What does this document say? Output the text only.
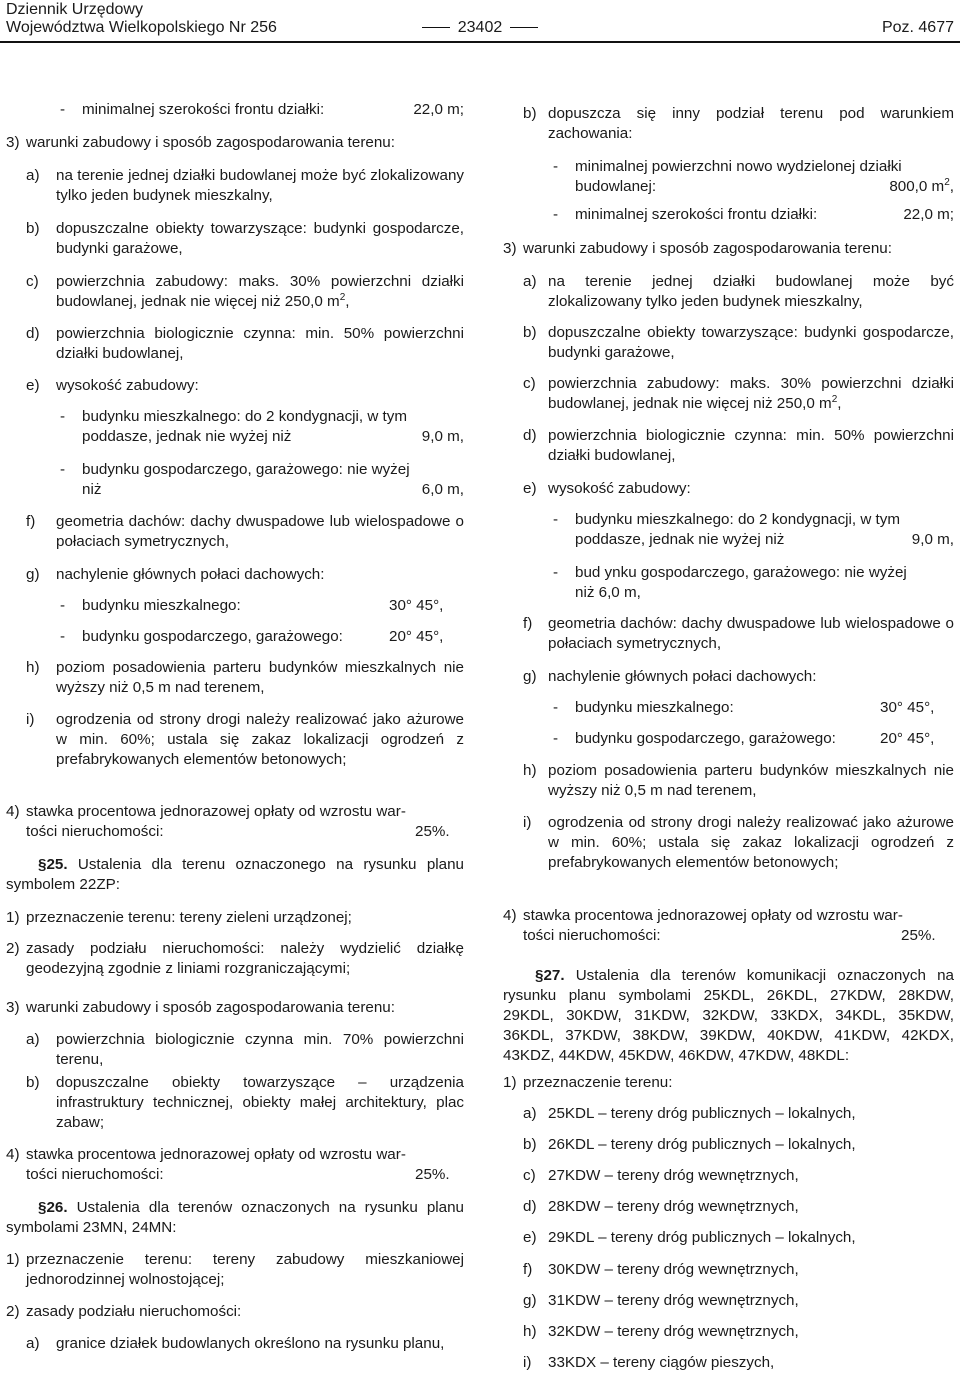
Dziennik Urzędowy
Województwa Wielkopolskiego Nr 256	23402	Poz. 4677
- minimalnej szerokości frontu działki:	22,0 m;
3) warunki zabudowy i sposób zagospodarowania terenu:
a) na terenie jednej działki budowlanej może być zlokalizowany tylko jeden budynek mieszkalny,
b) dopuszczalne obiekty towarzyszące: budynki gospodarcze, budynki garażowe,
c) powierzchnia zabudowy: maks. 30% powierzchni działki budowlanej, jednak nie więcej niż 250,0 $m^2$,
d) powierzchnia biologicznie czynna: min. 50% powierzchni działki budowlanej,
e) wysokość zabudowy:
- budynku mieszkalnego: do 2 kondygnacji, w tym
poddasze, jednak nie wyżej niż	9,0 m,
- budynku gospodarczego, garażowego: nie wyżej
niż	6,0 m,
f) geometria dachów: dachy dwuspadowe lub wielospadowe o połaciach symetrycznych,
g) nachylenie głównych połaci dachowych:
- budynku mieszkalnego:	30° 45°,
- budynku gospodarczego, garażowego:	20° 45°,
h) poziom posadowienia parteru budynków mieszkalnych nie wyższy niż 0,5 m nad terenem,
i) ogrodzenia od strony drogi należy realizować jako ażurowe w min. 60%; ustala się zakaz lokalizacji ogrodzeń z prefabrykowanych elementów betonowych;
4) stawka procentowa jednorazowej opłaty od wzrostu war-
tości nieruchomości:	25%.
§25. Ustalenia dla terenu oznaczonego na rysunku planu symbolem 22ZP:
1) przeznaczenie terenu: tereny zieleni urządzonej;
2) zasady podziału nieruchomości: należy wydzielić działkę geodezyjną zgodnie z liniami rozgraniczającymi;
3) warunki zabudowy i sposób zagospodarowania terenu:
a) powierzchnia biologicznie czynna min. 70% powierzchni terenu,
b) dopuszczalne obiekty towarzyszące – urządzenia infrastruktury technicznej, obiekty małej architektury, plac zabaw;
4) stawka procentowa jednorazowej opłaty od wzrostu war-
tości nieruchomości:	25%.
§26. Ustalenia dla terenów oznaczonych na rysunku planu symbolami 23MN, 24MN:
1) przeznaczenie terenu: tereny zabudowy mieszkaniowej jednorodzinnej wolnostojącej;
2) zasady podziału nieruchomości:
a) granice działek budowlanych określono na rysunku planu,
b) dopuszcza się inny podział terenu pod warunkiem zachowania:
- minimalnej powierzchni nowo wydzielonej działki
budowlanej:	800,0 $m^2$,
- minimalnej szerokości frontu działki:	22,0 m;
3) warunki zabudowy i sposób zagospodarowania terenu:
a) na terenie jednej działki budowlanej może być zlokalizowany tylko jeden budynek mieszkalny,
b) dopuszczalne obiekty towarzyszące: budynki gospodarcze, budynki garażowe,
c) powierzchnia zabudowy: maks. 30% powierzchni działki budowlanej, jednak nie więcej niż 250,0 $m^2$,
d) powierzchnia biologicznie czynna: min. 50% powierzchni działki budowlanej,
e) wysokość zabudowy:
- budynku mieszkalnego: do 2 kondygnacji, w tym
poddasze, jednak nie wyżej niż	9,0 m,
- bud ynku gospodarczego, garażowego: nie wyżej
niż 6,0 m,
f) geometria dachów: dachy dwuspadowe lub wielospadowe o połaciach symetrycznych,
g) nachylenie głównych połaci dachowych:
- budynku mieszkalnego:	30° 45°,
- budynku gospodarczego, garażowego:	20° 45°,
h) poziom posadowienia parteru budynków mieszkalnych nie wyższy niż 0,5 m nad terenem,
i) ogrodzenia od strony drogi należy realizować jako ażurowe w min. 60%; ustala się zakaz lokalizacji ogrodzeń z prefabrykowanych elementów betonowych;
4) stawka procentowa jednorazowej opłaty od wzrostu war-
tości nieruchomości:	25%.
§27. Ustalenia dla terenów komunikacji oznaczonych na rysunku planu symbolami 25KDL, 26KDL, 27KDW, 28KDW, 29KDL, 30KDW, 31KDW, 32KDW, 33KDX, 34KDL, 35KDW, 36KDL, 37KDW, 38KDW, 39KDW, 40KDW, 41KDW, 42KDX, 43KDZ, 44KDW, 45KDW, 46KDW, 47KDW, 48KDL:
1) przeznaczenie terenu:
a) 25KDL – tereny dróg publicznych – lokalnych,
b) 26KDL – tereny dróg publicznych – lokalnych,
c) 27KDW – tereny dróg wewnętrznych,
d) 28KDW – tereny dróg wewnętrznych,
e) 29KDL – tereny dróg publicznych – lokalnych,
f) 30KDW – tereny dróg wewnętrznych,
g) 31KDW – tereny dróg wewnętrznych,
h) 32KDW – tereny dróg wewnętrznych,
i) 33KDX – tereny ciągów pieszych,
